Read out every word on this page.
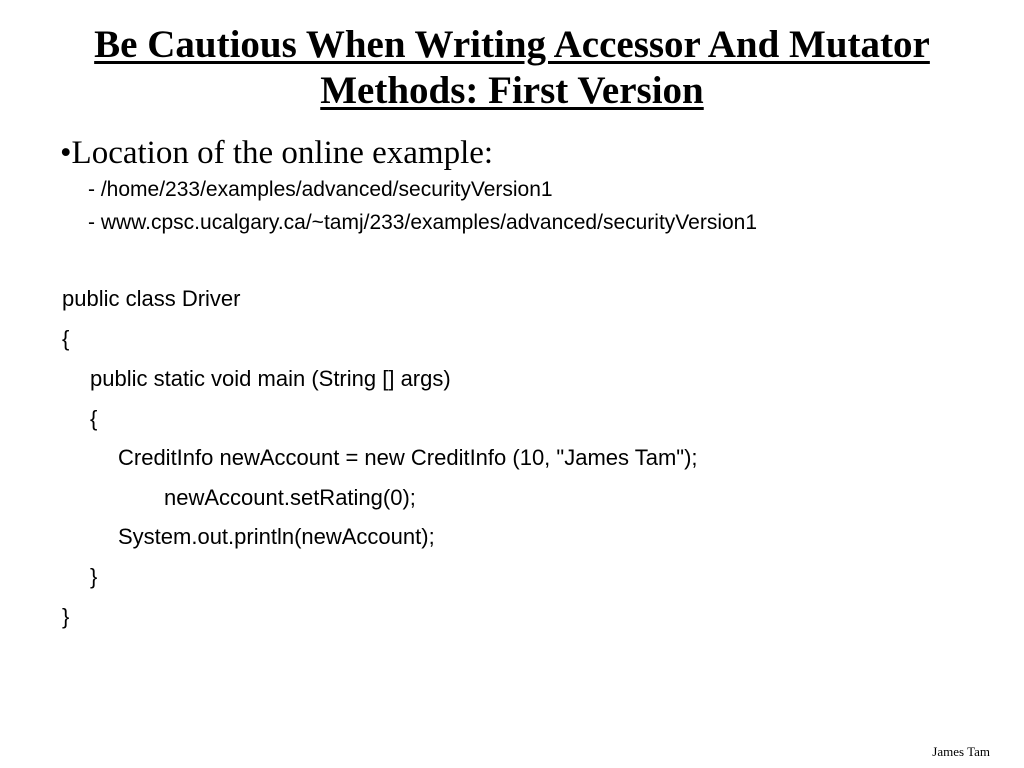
Be Cautious When Writing Accessor And Mutator
Methods: First Version
•Location of the online example:
- /home/233/examples/advanced/securityVersion1
- www.cpsc.ucalgary.ca/~tamj/233/examples/advanced/securityVersion1
public class Driver
{
public static void main (String [] args)
{
CreditInfo newAccount = new CreditInfo (10, "James Tam");
newAccount.setRating(0);
System.out.println(newAccount);
}
}
James Tam
